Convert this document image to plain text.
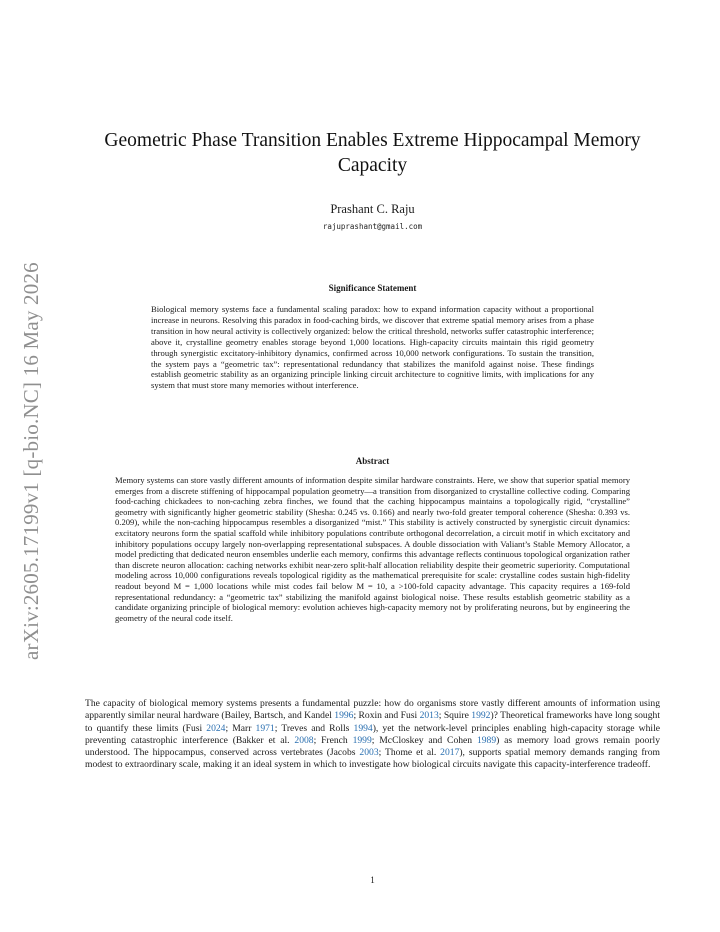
arXiv:2605.17199v1 [q-bio.NC] 16 May 2026
Geometric Phase Transition Enables Extreme Hippocampal Memory Capacity
Prashant C. Raju
rajuprashant@gmail.com
Significance Statement
Biological memory systems face a fundamental scaling paradox: how to expand information capacity without a proportional increase in neurons. Resolving this paradox in food-caching birds, we discover that extreme spatial memory arises from a phase transition in how neural activity is collectively organized: below the critical threshold, networks suffer catastrophic interference; above it, crystalline geometry enables storage beyond 1,000 locations. High-capacity circuits maintain this rigid geometry through synergistic excitatory-inhibitory dynamics, confirmed across 10,000 network configurations. To sustain the transition, the system pays a “geometric tax”: representational redundancy that stabilizes the manifold against noise. These findings establish geometric stability as an organizing principle linking circuit architecture to cognitive limits, with implications for any system that must store many memories without interference.
Abstract
Memory systems can store vastly different amounts of information despite similar hardware constraints. Here, we show that superior spatial memory emerges from a discrete stiffening of hippocampal population geometry—a transition from disorganized to crystalline collective coding. Comparing food-caching chickadees to non-caching zebra finches, we found that the caching hippocampus maintains a topologically rigid, “crystalline” geometry with significantly higher geometric stability (Shesha: 0.245 vs. 0.166) and nearly two-fold greater temporal coherence (Shesha: 0.393 vs. 0.209), while the non-caching hippocampus resembles a disorganized “mist.” This stability is actively constructed by synergistic circuit dynamics: excitatory neurons form the spatial scaffold while inhibitory populations contribute orthogonal decorrelation, a circuit motif in which excitatory and inhibitory populations occupy largely non-overlapping representational subspaces. A double dissociation with Valiant’s Stable Memory Allocator, a model predicting that dedicated neuron ensembles underlie each memory, confirms this advantage reflects continuous topological organization rather than discrete neuron allocation: caching networks exhibit near-zero split-half allocation reliability despite their geometric superiority. Computational modeling across 10,000 configurations reveals topological rigidity as the mathematical prerequisite for scale: crystalline codes sustain high-fidelity readout beyond M = 1,000 locations while mist codes fail below M = 10, a >100-fold capacity advantage. This capacity requires a 169-fold representational redundancy: a “geometric tax” stabilizing the manifold against biological noise. These results establish geometric stability as a candidate organizing principle of biological memory: evolution achieves high-capacity memory not by proliferating neurons, but by engineering the geometry of the neural code itself.
The capacity of biological memory systems presents a fundamental puzzle: how do organisms store vastly different amounts of information using apparently similar neural hardware (Bailey, Bartsch, and Kandel 1996; Roxin and Fusi 2013; Squire 1992)? Theoretical frameworks have long sought to quantify these limits (Fusi 2024; Marr 1971; Treves and Rolls 1994), yet the network-level principles enabling high-capacity storage while preventing catastrophic interference (Bakker et al. 2008; French 1999; McCloskey and Cohen 1989) as memory load grows remain poorly understood. The hippocampus, conserved across vertebrates (Jacobs 2003; Thome et al. 2017), supports spatial memory demands ranging from modest to extraordinary scale, making it an ideal system in which to investigate how biological circuits navigate this capacity-interference tradeoff.
1
